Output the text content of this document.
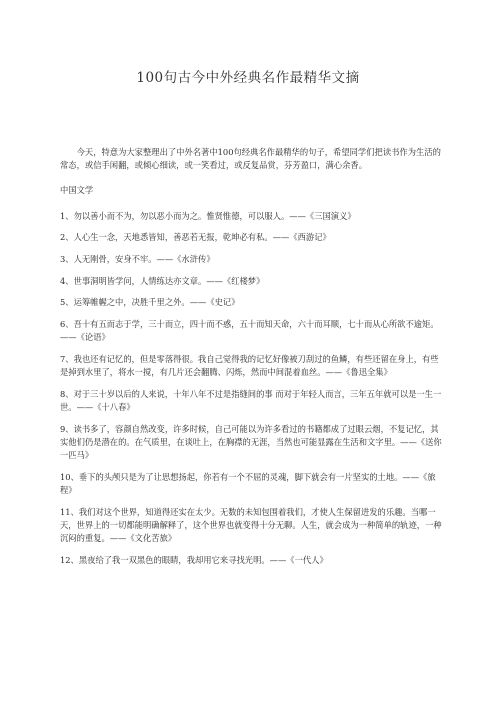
100句古今中外经典名作最精华文摘

今天，特意为大家整理出了中外名著中100句经典名作最精华的句子，希望同学们把读书作为生活的常态，或信手闲翻，或倾心细读，或一笑看过，或反复品赏，芬芳盈口，满心余香。

中国文学

1、勿以善小而不为，勿以恶小而为之。惟贤惟德，可以服人。——《三国演义》

2、人心生一念，天地悉皆知，善恶若无报，乾坤必有私。——《西游记》

3、人无刚骨，安身不牢。——《水浒传》

4、世事洞明皆学问，人情练达亦文章。——《红楼梦》

5、运筹帷幄之中，决胜千里之外。——《史记》

6、吾十有五而志于学，三十而立，四十而不惑，五十而知天命，六十而耳顺，七十而从心所欲不逾矩。——《论语》

7、我也还有记忆的，但是零落得很。我自己觉得我的记忆好像被刀刮过的鱼鳞，有些还留在身上，有些是掉到水里了，将水一搅，有几片还会翻腾、闪烁，然而中间混着血丝。——《鲁迅全集》

8、对于三十岁以后的人来说，十年八年不过是指缝间的事 而对于年轻人而言，三年五年就可以是一生一世。——《十八春》

9、读书多了，容颜自然改变，许多时候，自己可能以为许多看过的书籍都成了过眼云烟，不复记忆，其实他们仍是潜在的。在气质里，在谈吐上，在胸襟的无涯，当然也可能显露在生活和文字里。——《送你一匹马》

10、垂下的头颅只是为了让思想扬起，你若有一个不屈的灵魂，脚下就会有一片坚实的土地。——《旅程》

11、我们对这个世界，知道得还实在太少。无数的未知包围着我们，才使人生保留进发的乐趣。当哪一天，世界上的一切都能明确解释了，这个世界也就变得十分无聊。人生，就会成为一种简单的轨迹，一种沉闷的重复。——《文化苦旅》

12、黑夜给了我一双黑色的眼睛，我却用它来寻找光明。——《一代人》
